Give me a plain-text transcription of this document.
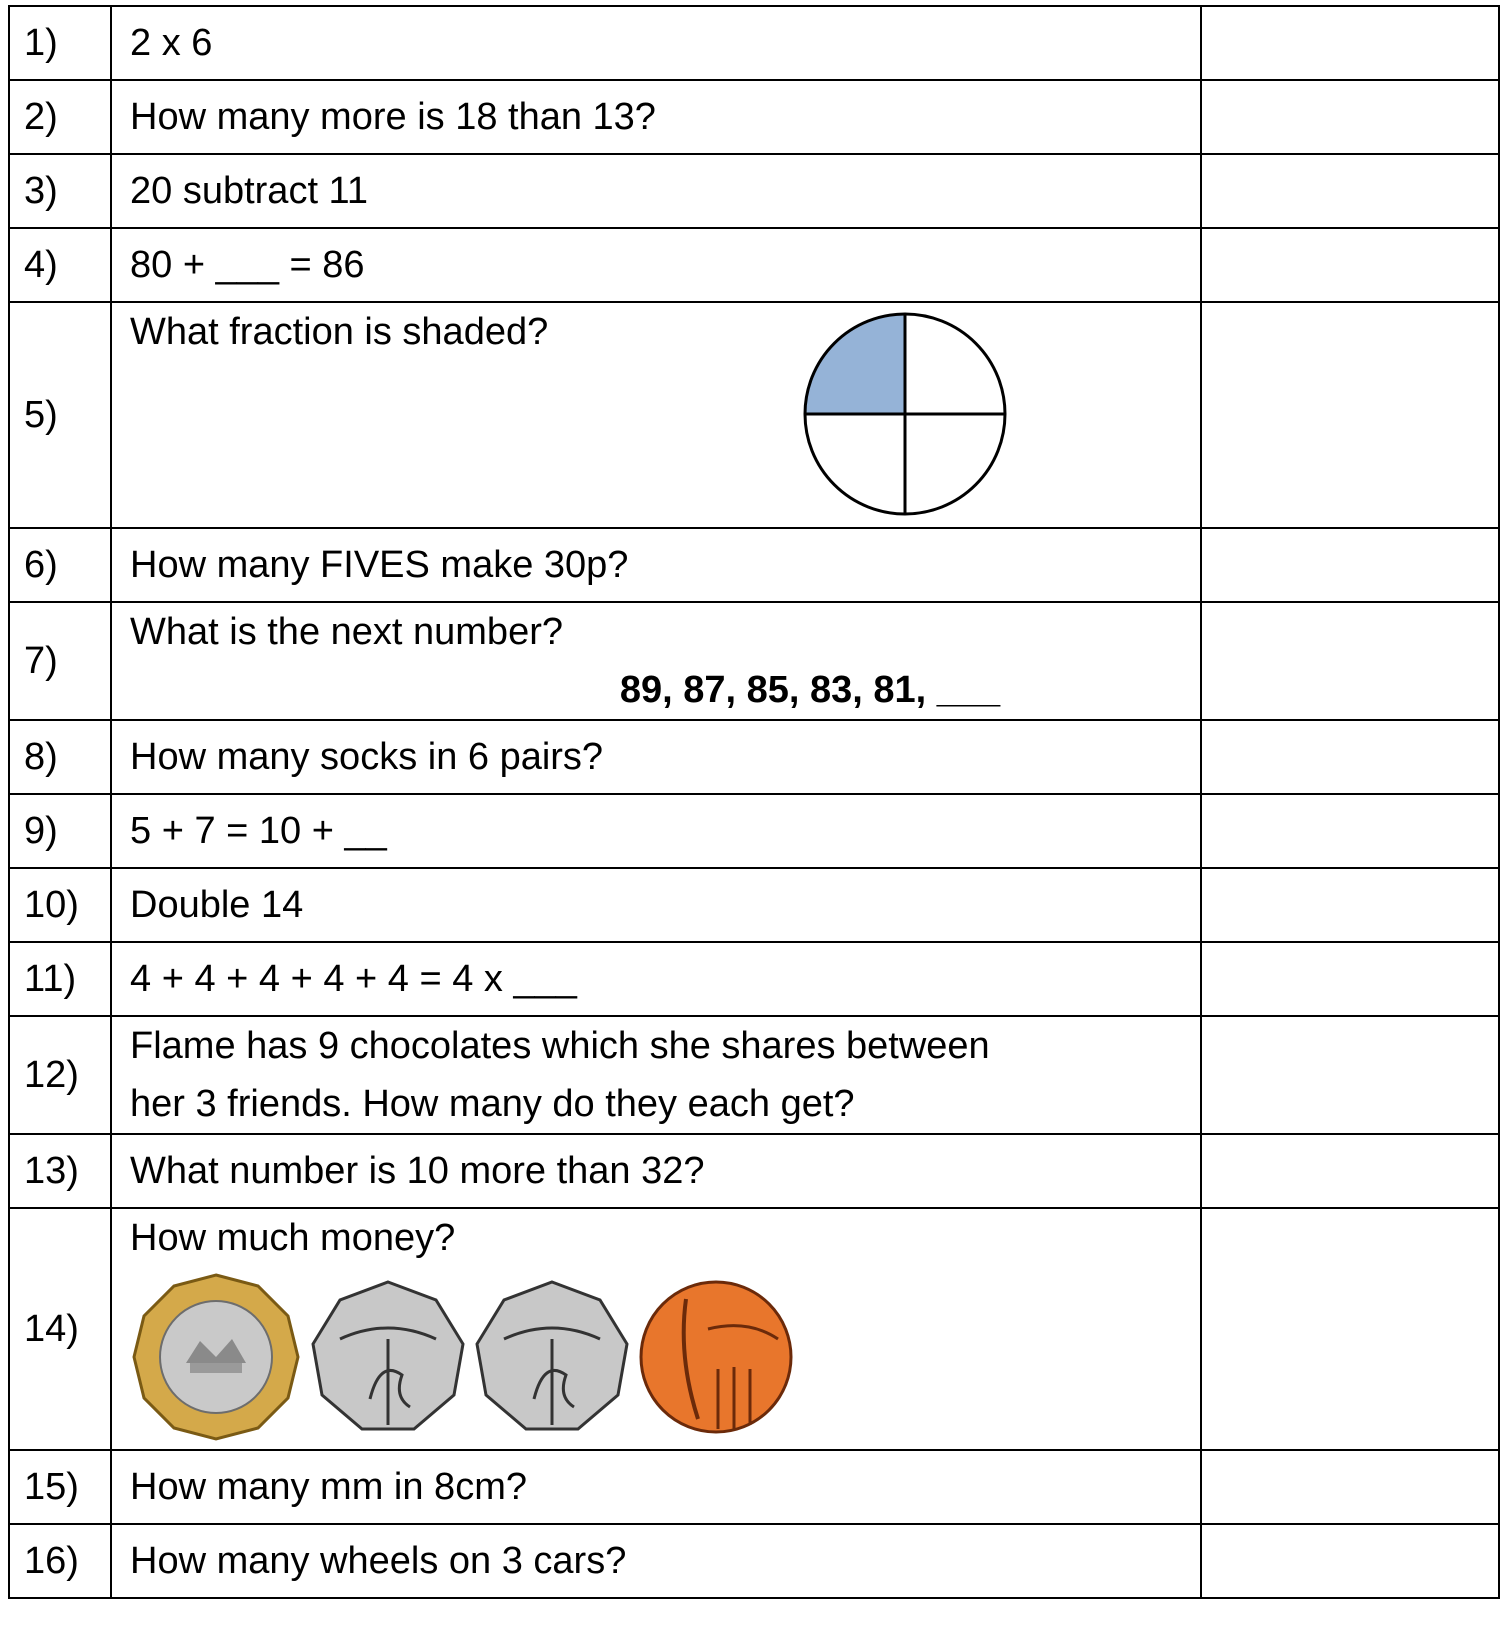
1)	2 x 6	
2)	How many more is 18 than 13?	
3)	20 subtract 11	
4)	80 + ___ = 86	
5)	What fraction is shaded?	

6)	How many FIVES make 30p?	
7)	What is the next number?
89, 87, 85, 83, 81, ___	

8)	How many socks in 6 pairs?	
9)	5 + 7 = 10 + __	
10)	Double 14	
11)	4 + 4 + 4 + 4 + 4 = 4 x ___	
12)	Flame has 9 chocolates which she shares between
her 3 friends. How many do they each get?	

13)	What number is 10 more than 32?	
14)	How much money?	

15)	How many mm in 8cm?	
16)	How many wheels on 3 cars?	
